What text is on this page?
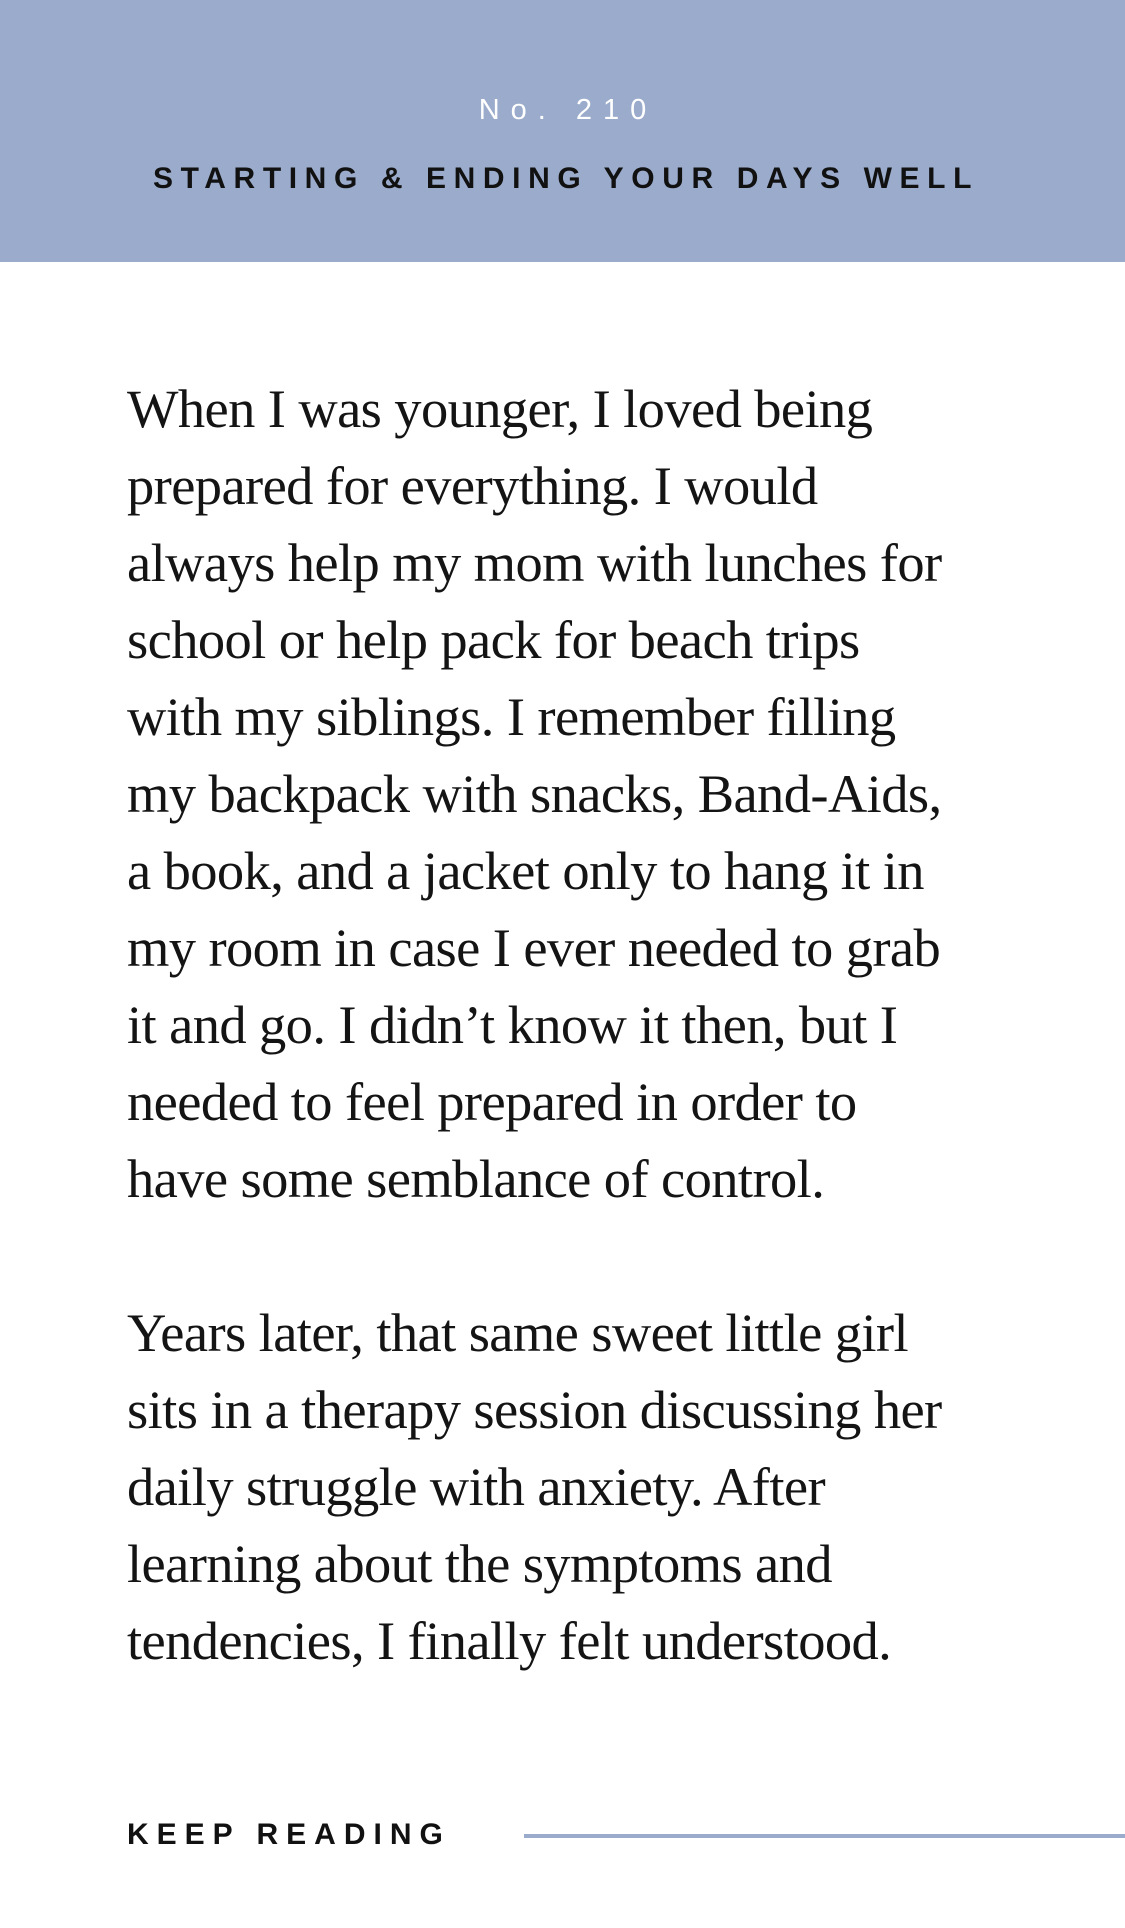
No. 210
STARTING & ENDING YOUR DAYS WELL

When I was younger, I loved being
prepared for everything. I would
always help my mom with lunches for
school or help pack for beach trips
with my siblings. I remember filling
my backpack with snacks, Band-Aids,
a book, and a jacket only to hang it in
my room in case I ever needed to grab
it and go. I didn’t know it then, but I
needed to feel prepared in order to
have some semblance of control.

Years later, that same sweet little girl
sits in a therapy session discussing her
daily struggle with anxiety. After
learning about the symptoms and
tendencies, I finally felt understood.

KEEP READING
